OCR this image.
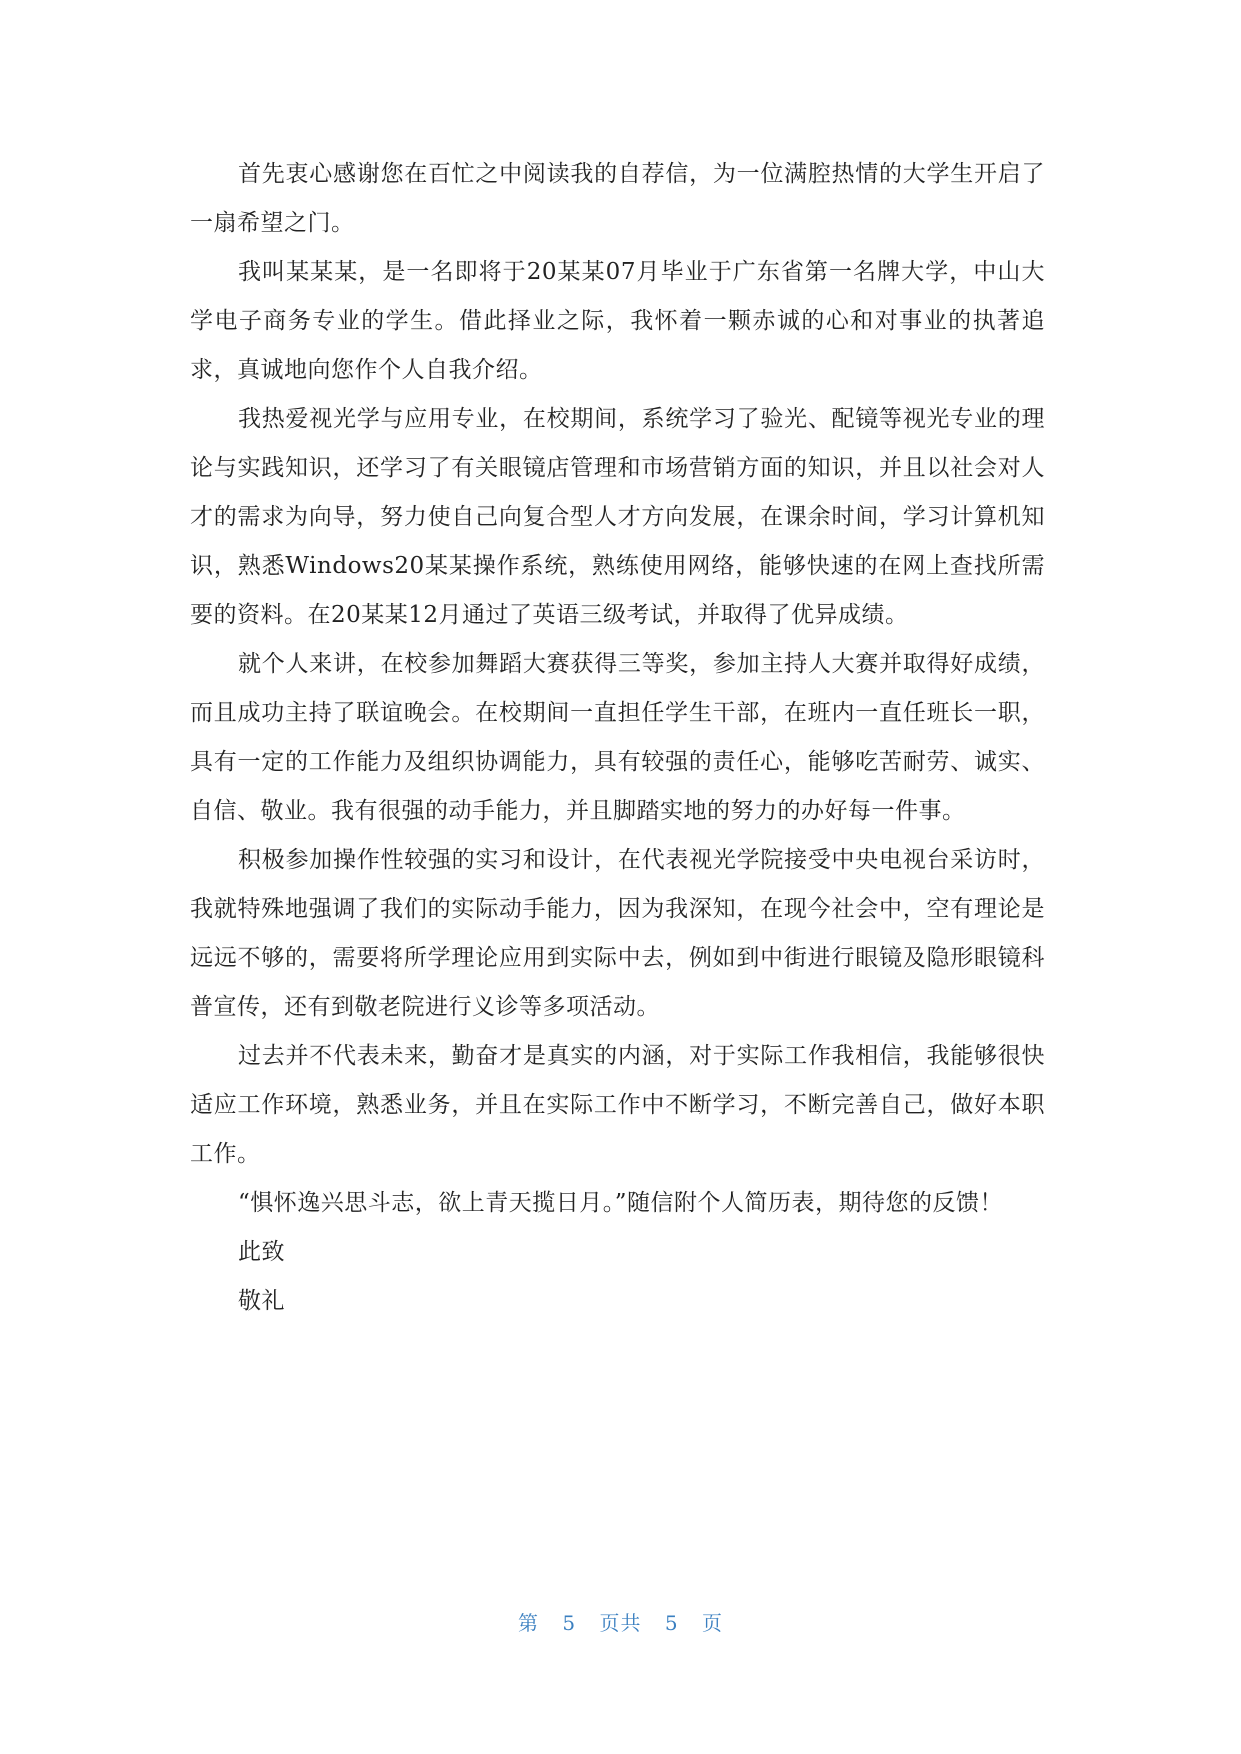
首先衷心感谢您在百忙之中阅读我的自荐信，为一位满腔热情的大学生开启了一扇希望之门。

我叫某某某，是一名即将于20某某07月毕业于广东省第一名牌大学，中山大学电子商务专业的学生。借此择业之际，我怀着一颗赤诚的心和对事业的执著追求，真诚地向您作个人自我介绍。

我热爱视光学与应用专业，在校期间，系统学习了验光、配镜等视光专业的理论与实践知识，还学习了有关眼镜店管理和市场营销方面的知识，并且以社会对人才的需求为向导，努力使自己向复合型人才方向发展，在课余时间，学习计算机知识，熟悉Windows20某某操作系统，熟练使用网络，能够快速的在网上查找所需要的资料。在20某某12月通过了英语三级考试，并取得了优异成绩。

就个人来讲，在校参加舞蹈大赛获得三等奖，参加主持人大赛并取得好成绩，而且成功主持了联谊晚会。在校期间一直担任学生干部，在班内一直任班长一职，具有一定的工作能力及组织协调能力，具有较强的责任心，能够吃苦耐劳、诚实、自信、敬业。我有很强的动手能力，并且脚踏实地的努力的办好每一件事。

积极参加操作性较强的实习和设计，在代表视光学院接受中央电视台采访时，我就特殊地强调了我们的实际动手能力，因为我深知，在现今社会中，空有理论是远远不够的，需要将所学理论应用到实际中去，例如到中街进行眼镜及隐形眼镜科普宣传，还有到敬老院进行义诊等多项活动。

过去并不代表未来，勤奋才是真实的内涵，对于实际工作我相信，我能够很快适应工作环境，熟悉业务，并且在实际工作中不断学习，不断完善自己，做好本职工作。

“惧怀逸兴思斗志，欲上青天揽日月。”随信附个人简历表，期待您的反馈！

此致
敬礼
第 5 页共 5 页
